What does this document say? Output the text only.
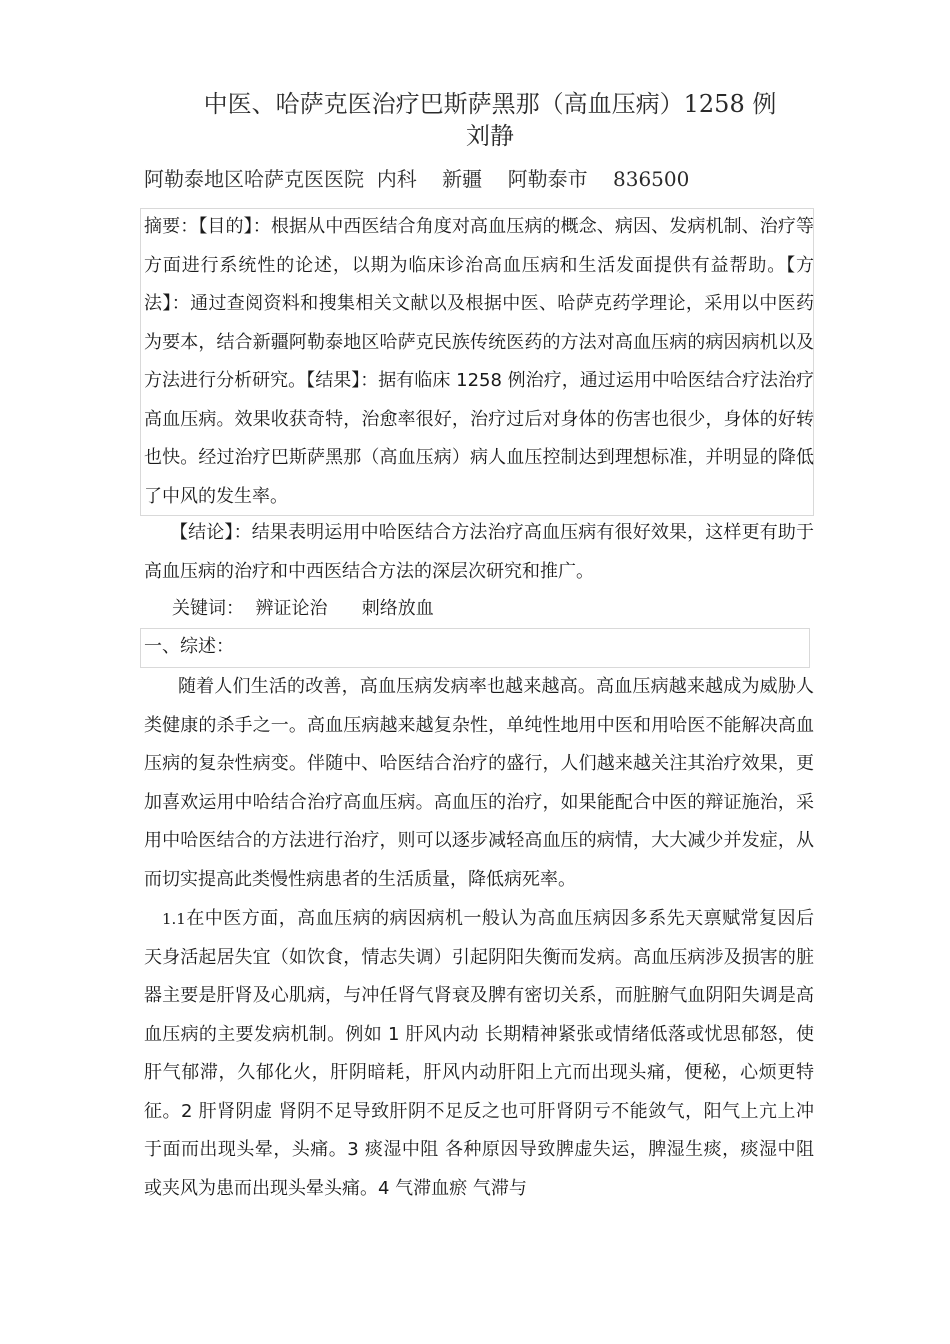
中医、哈萨克医治疗巴斯萨黑那（高血压病）1258 例
刘静
阿勒泰地区哈萨克医医院  内科    新疆    阿勒泰市    836500

摘要：【目的】：根据从中西医结合角度对高血压病的概念、病因、发病机制、治疗等方面进行系统性的论述，以期为临床诊治高血压病和生活发面提供有益帮助。【方法】：通过查阅资料和搜集相关文献以及根据中医、哈萨克药学理论，采用以中医药为要本，结合新疆阿勒泰地区哈萨克民族传统医药的方法对高血压病的病因病机以及方法进行分析研究。【结果】：据有临床 1258 例治疗，通过运用中哈医结合疗法治疗高血压病。效果收获奇特，治愈率很好，治疗过后对身体的伤害也很少，身体的好转也快。经过治疗巴斯萨黑那（高血压病）病人血压控制达到理想标准，并明显的降低了中风的发生率。

【结论】：结果表明运用中哈医结合方法治疗高血压病有很好效果，这样更有助于高血压病的治疗和中西医结合方法的深层次研究和推广。

关键词：  辨证论治      刺络放血
一、综述：

随着人们生活的改善，高血压病发病率也越来越高。高血压病越来越成为威胁人类健康的杀手之一。高血压病越来越复杂性，单纯性地用中医和用哈医不能解决高血压病的复杂性病变。伴随中、哈医结合治疗的盛行，人们越来越关注其治疗效果，更加喜欢运用中哈结合治疗高血压病。高血压的治疗，如果能配合中医的辩证施治，采用中哈医结合的方法进行治疗，则可以逐步减轻高血压的病情，大大减少并发症，从而切实提高此类慢性病患者的生活质量，降低病死率。

1.1在中医方面，高血压病的病因病机一般认为高血压病因多系先天禀赋常复因后天身活起居失宜（如饮食，情志失调）引起阴阳失衡而发病。高血压病涉及损害的脏器主要是肝肾及心肌病，与冲任肾气肾衰及脾有密切关系，而脏腑气血阴阳失调是高血压病的主要发病机制。例如 1 肝风内动 长期精神紧张或情绪低落或忧思郁怒，使肝气郁滞，久郁化火，肝阴暗耗，肝风内动肝阳上亢而出现头痛，便秘，心烦更特征。2 肝肾阴虚 肾阴不足导致肝阴不足反之也可肝肾阴亏不能敛气，阳气上亢上冲于面而出现头晕，头痛。3 痰湿中阻 各种原因导致脾虚失运，脾湿生痰，痰湿中阻或夹风为患而出现头晕头痛。4 气滞血瘀 气滞与
